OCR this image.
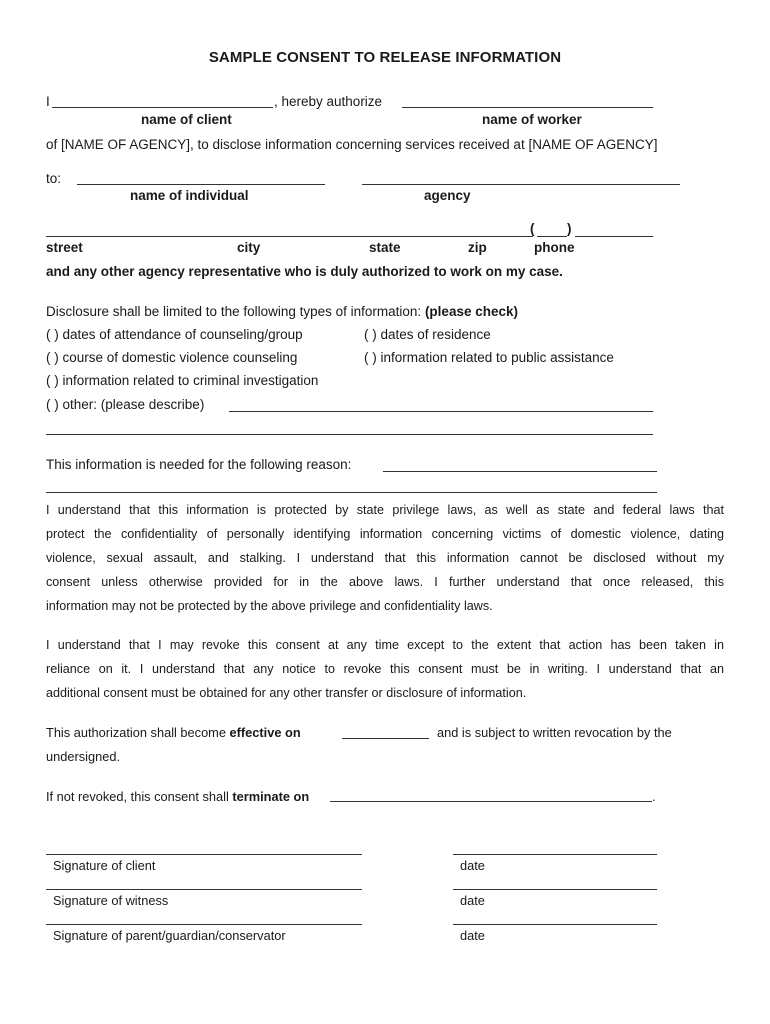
SAMPLE CONSENT TO RELEASE INFORMATION
I	, hereby authorize
name of client	name of worker
of [NAME OF AGENCY], to disclose information concerning services received at [NAME OF AGENCY]
to:
name of individual	agency
( )
street	city	state	zip	phone
and any other agency representative who is duly authorized to work on my case.
Disclosure shall be limited to the following types of information: (please check)
( ) dates of attendance of counseling/group	( ) dates of residence
( ) course of domestic violence counseling	( ) information related to public assistance
( ) information related to criminal investigation
( ) other: (please describe)
This information is needed for the following reason:
I understand that this information is protected by state privilege laws, as well as state and federal laws that
protect the confidentiality of personally identifying information concerning victims of domestic violence, dating
violence, sexual assault, and stalking. I understand that this information cannot be disclosed without my
consent unless otherwise provided for in the above laws. I further understand that once released, this
information may not be protected by the above privilege and confidentiality laws.
I understand that I may revoke this consent at any time except to the extent that action has been taken in
reliance on it. I understand that any notice to revoke this consent must be in writing. I understand that an
additional consent must be obtained for any other transfer or disclosure of information.
This authorization shall become effective on	and is subject to written revocation by the
undersigned.
If not revoked, this consent shall terminate on	.
Signature of client	date
Signature of witness	date
Signature of parent/guardian/conservator	date
